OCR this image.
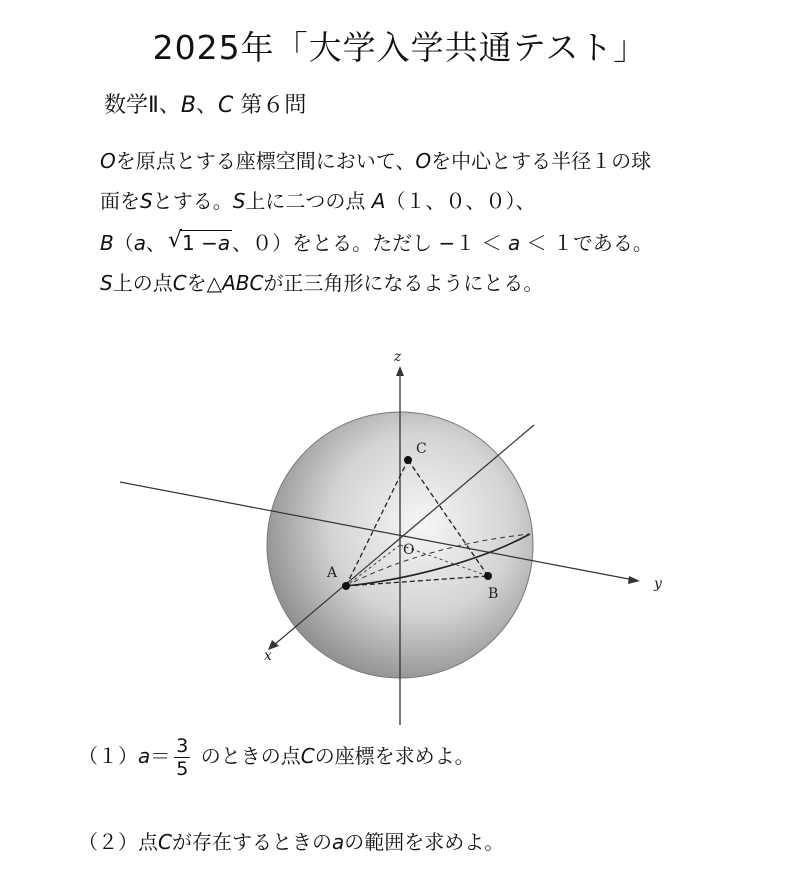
2025年「大学入学共通テスト」
数学Ⅱ、B、C 第６問
Oを原点とする座標空間において、Oを中心とする半径１の球
面をSとする。S上に二つの点 A（１、０、０）、
B（a、 √ 1 −a 、０）をとる。ただし −１ ＜ a ＜ １である。
S上の点Cを△ABCが正三角形になるようにとる。
z
y
x
O
A
B
C
$(1)a= \frac{3}{5}$ のときの点Cの座標を求めよ。
（２）点Cが存在するときのaの範囲を求めよ。
